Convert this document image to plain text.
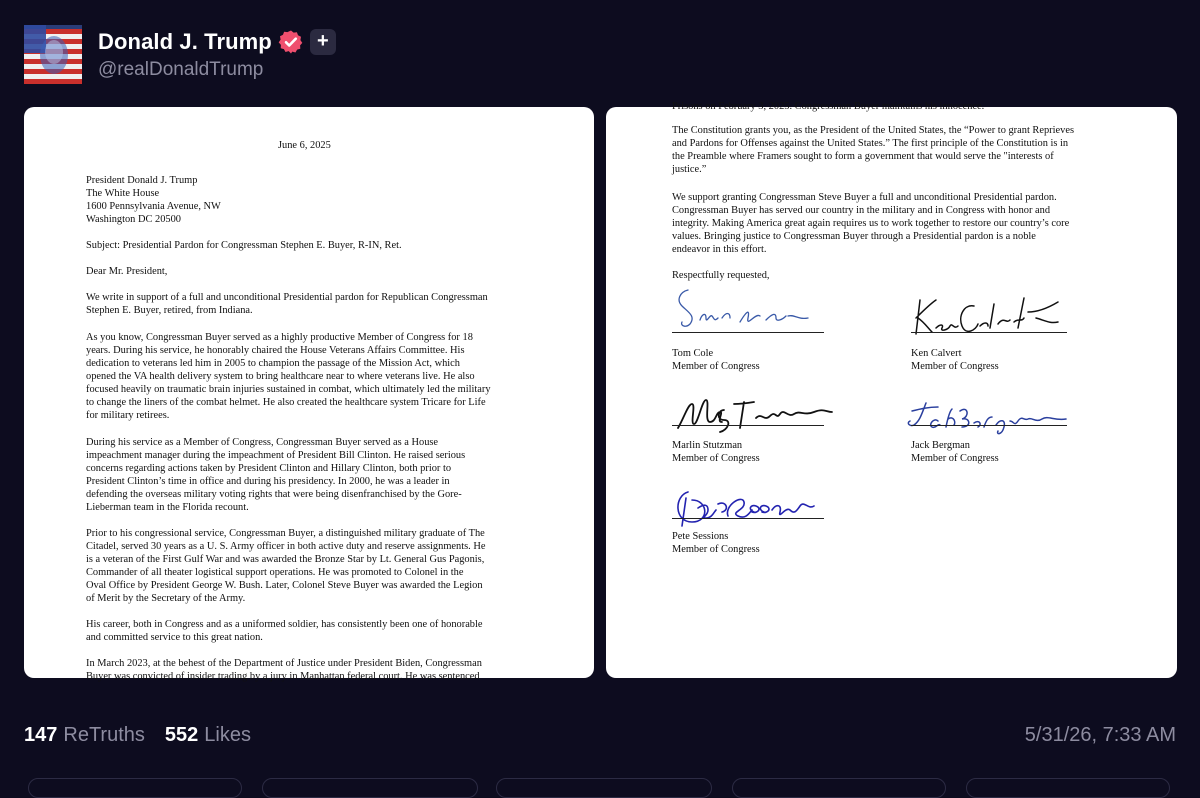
Donald J. Trump +
@realDonaldTrump

June 6, 2025

President Donald J. Trump

The White House

1600 Pennsylvania Avenue, NW

Washington DC 20500

Subject: Presidential Pardon for Congressman Stephen E. Buyer, R-IN, Ret.

Dear Mr. President,

We write in support of a full and unconditional Presidential pardon for Republican Congressman

Stephen E. Buyer, retired, from Indiana.

As you know, Congressman Buyer served as a highly productive Member of Congress for 18

years. During his service, he honorably chaired the House Veterans Affairs Committee. His

dedication to veterans led him in 2005 to champion the passage of the Mission Act, which

opened the VA health delivery system to bring healthcare near to where veterans live. He also

focused heavily on traumatic brain injuries sustained in combat, which ultimately led the military

to change the liners of the combat helmet. He also created the healthcare system Tricare for Life

for military retirees.

During his service as a Member of Congress, Congressman Buyer served as a House

impeachment manager during the impeachment of President Bill Clinton. He raised serious

concerns regarding actions taken by President Clinton and Hillary Clinton, both prior to

President Clinton’s time in office and during his presidency. In 2000, he was a leader in

defending the overseas military voting rights that were being disenfranchised by the Gore-

Lieberman team in the Florida recount.

Prior to his congressional service, Congressman Buyer, a distinguished military graduate of The

Citadel, served 30 years as a U. S. Army officer in both active duty and reserve assignments. He

is a veteran of the First Gulf War and was awarded the Bronze Star by Lt. General Gus Pagonis,

Commander of all theater logistical support operations. He was promoted to Colonel in the

Oval Office by President George W. Bush. Later, Colonel Steve Buyer was awarded the Legion

of Merit by the Secretary of the Army.

His career, both in Congress and as a uniformed soldier, has consistently been one of honorable

and committed service to this great nation.

In March 2023, at the behest of the Department of Justice under President Biden, Congressman

Buyer was convicted of insider trading by a jury in Manhattan federal court. He was sentenced

Prisons on February 3, 2025. Congressman Buyer maintains his innocence.

The Constitution grants you, as the President of the United States, the “Power to grant Reprieves

and Pardons for Offenses against the United States.” The first principle of the Constitution is in

the Preamble where Framers sought to form a government that would serve the "interests of

justice.”

We support granting Congressman Steve Buyer a full and unconditional Presidential pardon.

Congressman Buyer has served our country in the military and in Congress with honor and

integrity. Making America great again requires us to work together to restore our country’s core

values. Bringing justice to Congressman Buyer through a Presidential pardon is a noble

endeavor in this effort.

Respectfully requested,

Tom Cole

Member of Congress

Ken Calvert

Member of Congress

Marlin Stutzman

Member of Congress

Jack Bergman

Member of Congress

Pete Sessions

Member of Congress

147 ReTruths 552 Likes	5/31/26, 7:33 AM
